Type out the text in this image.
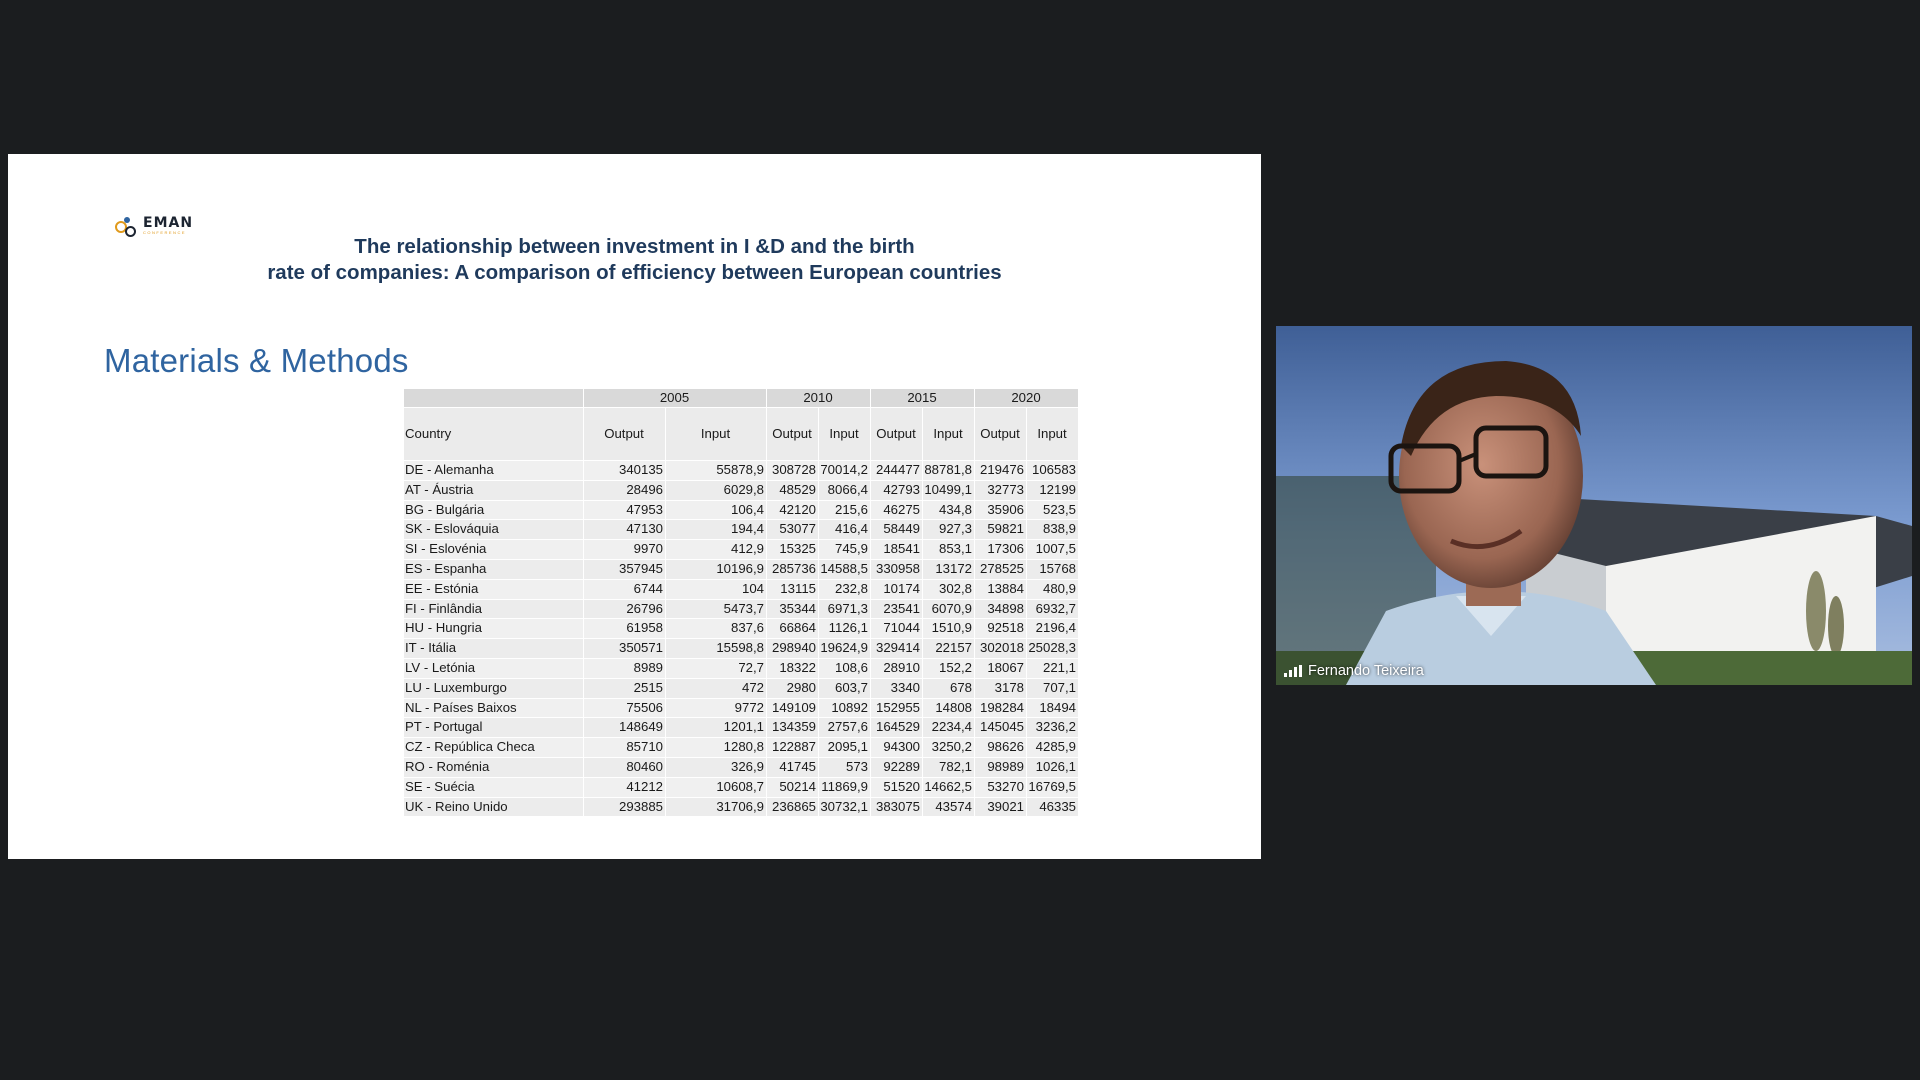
EMAN
CONFERENCE
The relationship between investment in I &D and the birth
rate of companies: A comparison of efficiency between European countries
Materials & Methods
	2005		2010		2015		2020	
Country	Output	Input	Output	Input	Output	Input	Output	Input
DE - Alemanha	340135	55878,9	308728	70014,2	244477	88781,8	219476	106583
AT - Áustria	28496	6029,8	48529	8066,4	42793	10499,1	32773	12199
BG - Bulgária	47953	106,4	42120	215,6	46275	434,8	35906	523,5
SK - Eslováquia	47130	194,4	53077	416,4	58449	927,3	59821	838,9
SI - Eslovénia	9970	412,9	15325	745,9	18541	853,1	17306	1007,5
ES - Espanha	357945	10196,9	285736	14588,5	330958	13172	278525	15768
EE - Estónia	6744	104	13115	232,8	10174	302,8	13884	480,9
FI - Finlândia	26796	5473,7	35344	6971,3	23541	6070,9	34898	6932,7
HU - Hungria	61958	837,6	66864	1126,1	71044	1510,9	92518	2196,4
IT - Itália	350571	15598,8	298940	19624,9	329414	22157	302018	25028,3
LV - Letónia	8989	72,7	18322	108,6	28910	152,2	18067	221,1
LU - Luxemburgo	2515	472	2980	603,7	3340	678	3178	707,1
NL - Países Baixos	75506	9772	149109	10892	152955	14808	198284	18494
PT - Portugal	148649	1201,1	134359	2757,6	164529	2234,4	145045	3236,2
CZ - República Checa	85710	1280,8	122887	2095,1	94300	3250,2	98626	4285,9
RO - Roménia	80460	326,9	41745	573	92289	782,1	98989	1026,1
SE - Suécia	41212	10608,7	50214	11869,9	51520	14662,5	53270	16769,5
UK - Reino Unido	293885	31706,9	236865	30732,1	383075	43574	39021	46335
Fernando Teixeira
